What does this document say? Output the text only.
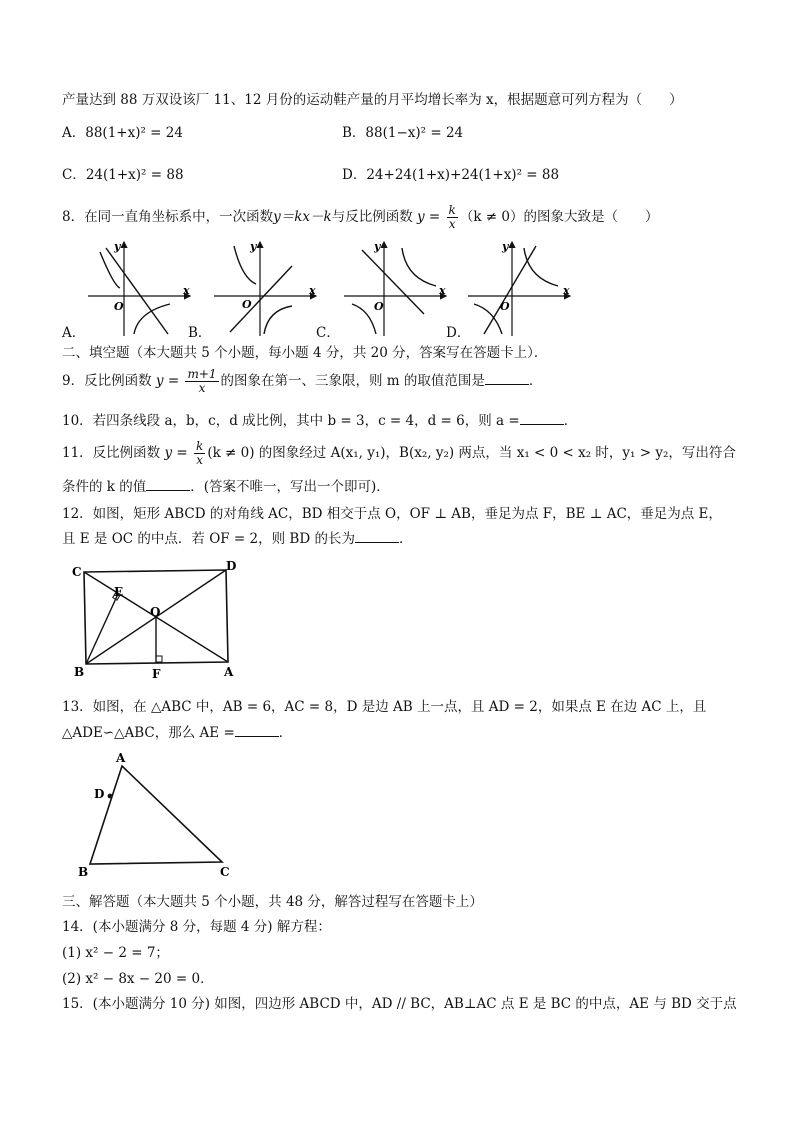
产量达到 88 万双设该厂 11、12 月份的运动鞋产量的月平均增长率为 x，根据题意可列方程为（　　）
A．88(1+x)² = 24	B．88(1−x)² = 24
C．24(1+x)² = 88	D．24+24(1+x)+24(1+x)² = 88
8．在同一直角坐标系中，一次函数y＝kx－k与反比例函数 $y = \frac{k}{x} (k \ne 0)$的图象大致是（　　）
x
y
O
A．
x
y
O
B．
x
y
O
C．
x
y
O
D．
二、填空题（本大题共 5 个小题，每小题 4 分，共 20 分，答案写在答题卡上）．
9．反比例函数 $y = \frac{m+1}{x}$ 的图象在第一、三象限，则 m 的取值范围是	．
10．若四条线段 a，b，c，d 成比例，其中 b = 3，c = 4，d = 6，则 a =	．
11．反比例函数 $y = \frac{k}{x} (k \ne 0)$ 的图象经过 A(x₁, y₁)，B(x₂, y₂) 两点，当 x₁ < 0 < x₂ 时，y₁ > y₂，写出符合
条件的 k 的值	．(答案不唯一，写出一个即可)．
12．如图，矩形 ABCD 的对角线 AC，BD 相交于点 O，OF ⊥ AB，垂足为点 F，BE ⊥ AC，垂足为点 E，
且 E 是 OC 的中点．若 OF = 2，则 BD 的长为	．
C	D
E
O
B	F	A
13．如图，在 △ABC 中，AB = 6，AC = 8，D 是边 AB 上一点，且 AD = 2，如果点 E 在边 AC 上，且
△ADE∽△ABC，那么 AE =	．
A
D
B	C
三、解答题（本大题共 5 个小题，共 48 分，解答过程写在答题卡上）
14．(本小题满分 8 分，每题 4 分) 解方程：
(1) x² − 2 = 7；
(2) x² − 8x − 20 = 0．
15．(本小题满分 10 分) 如图，四边形 ABCD 中，AD // BC，AB⊥AC 点 E 是 BC 的中点，AE 与 BD 交于点
